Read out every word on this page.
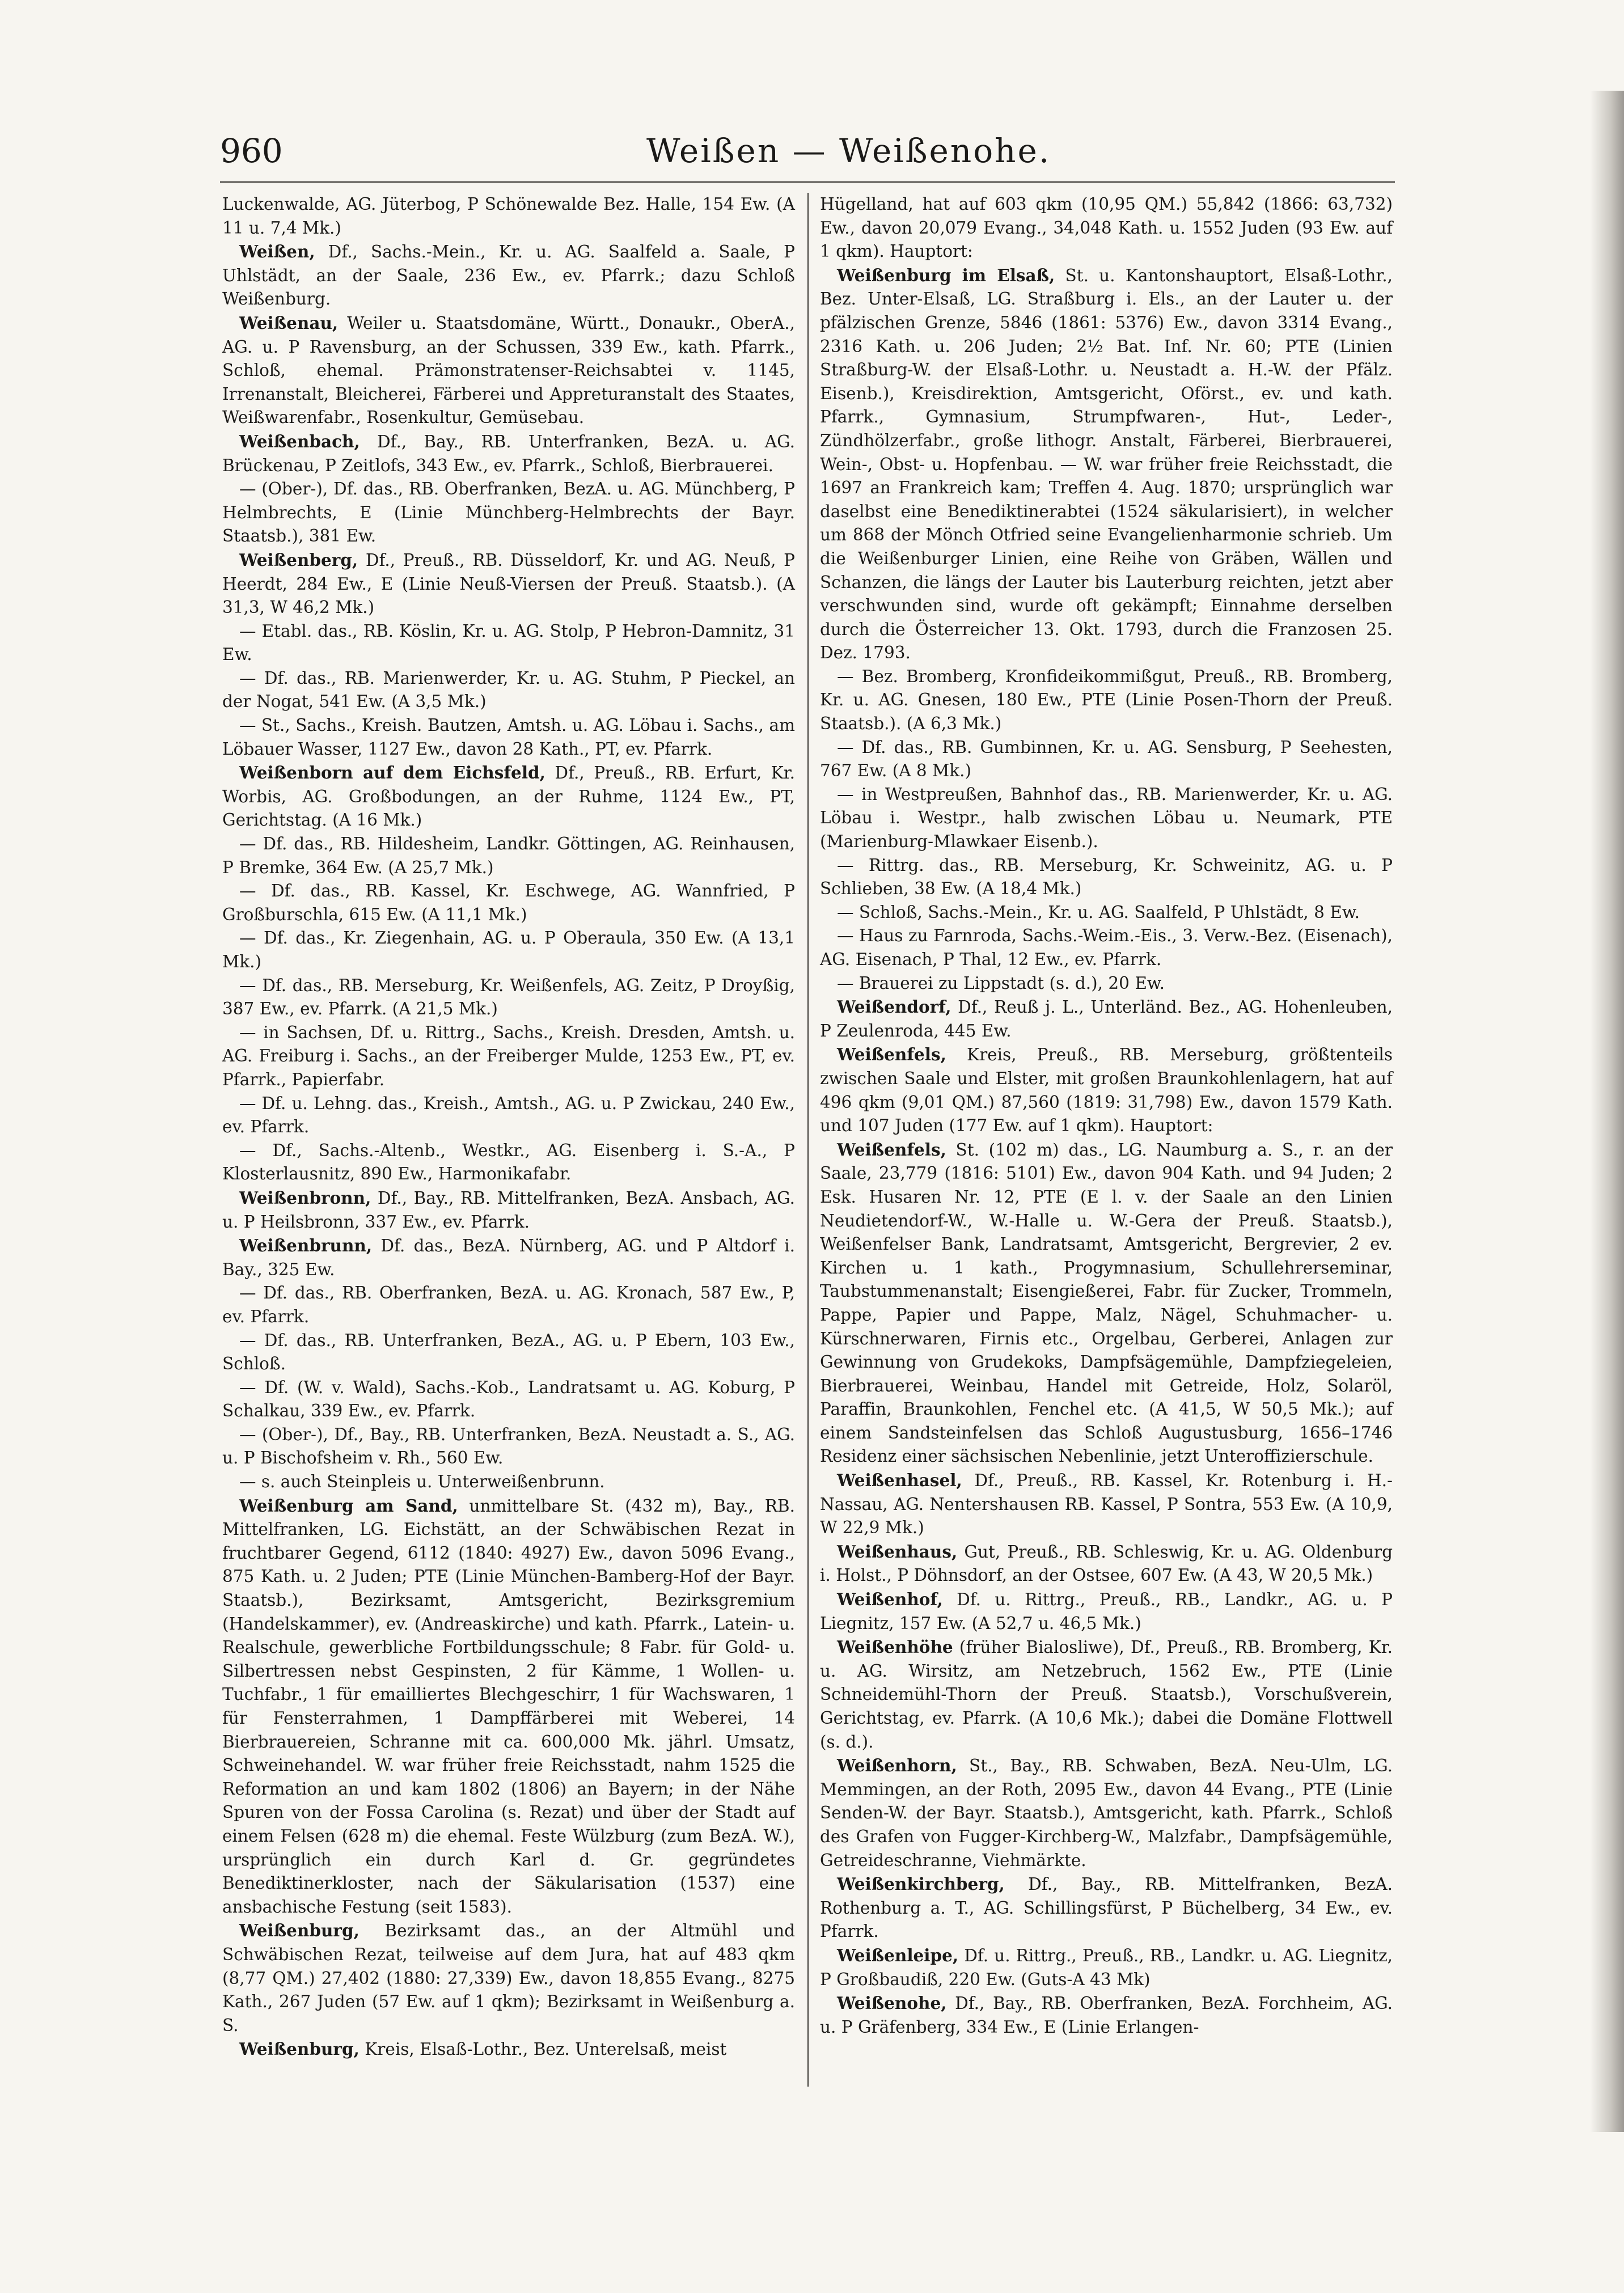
960	Weißen — Weißenohe.

Luckenwalde, AG. Jüterbog, P Schönewalde Bez. Halle, 154 Ew. (A 11 u. 7,4 Mk.)

Weißen, Df., Sachs.-Mein., Kr. u. AG. Saalfeld a. Saale, P Uhlstädt, an der Saale, 236 Ew., ev. Pfarrk.; dazu Schloß Weißenburg.

Weißenau, Weiler u. Staatsdomäne, Württ., Donaukr., OberA., AG. u. P Ravensburg, an der Schussen, 339 Ew., kath. Pfarrk., Schloß, ehemal. Prämonstratenser-Reichsabtei v. 1145, Irrenanstalt, Bleicherei, Färberei und Appreturanstalt des Staates, Weißwarenfabr., Rosenkultur, Gemüsebau.

Weißenbach, Df., Bay., RB. Unterfranken, BezA. u. AG. Brückenau, P Zeitlofs, 343 Ew., ev. Pfarrk., Schloß, Bierbrauerei.

— (Ober-), Df. das., RB. Oberfranken, BezA. u. AG. Münchberg, P Helmbrechts, E (Linie Münchberg-Helmbrechts der Bayr. Staatsb.), 381 Ew.

Weißenberg, Df., Preuß., RB. Düsseldorf, Kr. und AG. Neuß, P Heerdt, 284 Ew., E (Linie Neuß-Viersen der Preuß. Staatsb.). (A 31,3, W 46,2 Mk.)

— Etabl. das., RB. Köslin, Kr. u. AG. Stolp, P Hebron-Damnitz, 31 Ew.

— Df. das., RB. Marienwerder, Kr. u. AG. Stuhm, P Pieckel, an der Nogat, 541 Ew. (A 3,5 Mk.)

— St., Sachs., Kreish. Bautzen, Amtsh. u. AG. Löbau i. Sachs., am Löbauer Wasser, 1127 Ew., davon 28 Kath., PT, ev. Pfarrk.

Weißenborn auf dem Eichsfeld, Df., Preuß., RB. Erfurt, Kr. Worbis, AG. Großbodungen, an der Ruhme, 1124 Ew., PT, Gerichtstag. (A 16 Mk.)

— Df. das., RB. Hildesheim, Landkr. Göttingen, AG. Reinhausen, P Bremke, 364 Ew. (A 25,7 Mk.)

— Df. das., RB. Kassel, Kr. Eschwege, AG. Wannfried, P Großburschla, 615 Ew. (A 11,1 Mk.)

— Df. das., Kr. Ziegenhain, AG. u. P Oberaula, 350 Ew. (A 13,1 Mk.)

— Df. das., RB. Merseburg, Kr. Weißenfels, AG. Zeitz, P Droyßig, 387 Ew., ev. Pfarrk. (A 21,5 Mk.)

— in Sachsen, Df. u. Rittrg., Sachs., Kreish. Dresden, Amtsh. u. AG. Freiburg i. Sachs., an der Freiberger Mulde, 1253 Ew., PT, ev. Pfarrk., Papierfabr.

— Df. u. Lehng. das., Kreish., Amtsh., AG. u. P Zwickau, 240 Ew., ev. Pfarrk.

— Df., Sachs.-Altenb., Westkr., AG. Eisenberg i. S.-A., P Klosterlausnitz, 890 Ew., Harmonikafabr.

Weißenbronn, Df., Bay., RB. Mittelfranken, BezA. Ansbach, AG. u. P Heilsbronn, 337 Ew., ev. Pfarrk.

Weißenbrunn, Df. das., BezA. Nürnberg, AG. und P Altdorf i. Bay., 325 Ew.

— Df. das., RB. Oberfranken, BezA. u. AG. Kronach, 587 Ew., P, ev. Pfarrk.

— Df. das., RB. Unterfranken, BezA., AG. u. P Ebern, 103 Ew., Schloß.

— Df. (W. v. Wald), Sachs.-Kob., Landratsamt u. AG. Koburg, P Schalkau, 339 Ew., ev. Pfarrk.

— (Ober-), Df., Bay., RB. Unterfranken, BezA. Neustadt a. S., AG. u. P Bischofsheim v. Rh., 560 Ew.

— s. auch Steinpleis u. Unterweißenbrunn.

Weißenburg am Sand, unmittelbare St. (432 m), Bay., RB. Mittelfranken, LG. Eichstätt, an der Schwäbischen Rezat in fruchtbarer Gegend, 6112 (1840: 4927) Ew., davon 5096 Evang., 875 Kath. u. 2 Juden; PTE (Linie München-Bamberg-Hof der Bayr. Staatsb.), Bezirksamt, Amtsgericht, Bezirksgremium (Handelskammer), ev. (Andreaskirche) und kath. Pfarrk., Latein- u. Realschule, gewerbliche Fortbildungsschule; 8 Fabr. für Gold- u. Silbertressen nebst Gespinsten, 2 für Kämme, 1 Wollen- u. Tuchfabr., 1 für emailliertes Blechgeschirr, 1 für Wachswaren, 1 für Fensterrahmen, 1 Dampffärberei mit Weberei, 14 Bierbrauereien, Schranne mit ca. 600,000 Mk. jährl. Umsatz, Schweinehandel. W. war früher freie Reichsstadt, nahm 1525 die Reformation an und kam 1802 (1806) an Bayern; in der Nähe Spuren von der Fossa Carolina (s. Rezat) und über der Stadt auf einem Felsen (628 m) die ehemal. Feste Wülzburg (zum BezA. W.), ursprünglich ein durch Karl d. Gr. gegründetes Benediktinerkloster, nach der Säkularisation (1537) eine ansbachische Festung (seit 1583).

Weißenburg, Bezirksamt das., an der Altmühl und Schwäbischen Rezat, teilweise auf dem Jura, hat auf 483 qkm (8,77 QM.) 27,402 (1880: 27,339) Ew., davon 18,855 Evang., 8275 Kath., 267 Juden (57 Ew. auf 1 qkm); Bezirksamt in Weißenburg a. S.

Weißenburg, Kreis, Elsaß-Lothr., Bez. Unterelsaß, meist

Hügelland, hat auf 603 qkm (10,95 QM.) 55,842 (1866: 63,732) Ew., davon 20,079 Evang., 34,048 Kath. u. 1552 Juden (93 Ew. auf 1 qkm). Hauptort:

Weißenburg im Elsaß, St. u. Kantonshauptort, Elsaß-Lothr., Bez. Unter-Elsaß, LG. Straßburg i. Els., an der Lauter u. der pfälzischen Grenze, 5846 (1861: 5376) Ew., davon 3314 Evang., 2316 Kath. u. 206 Juden; 2½ Bat. Inf. Nr. 60; PTE (Linien Straßburg-W. der Elsaß-Lothr. u. Neustadt a. H.-W. der Pfälz. Eisenb.), Kreisdirektion, Amtsgericht, Oförst., ev. und kath. Pfarrk., Gymnasium, Strumpfwaren-, Hut-, Leder-, Zündhölzerfabr., große lithogr. Anstalt, Färberei, Bierbrauerei, Wein-, Obst- u. Hopfenbau. — W. war früher freie Reichsstadt, die 1697 an Frankreich kam; Treffen 4. Aug. 1870; ursprünglich war daselbst eine Benediktinerabtei (1524 säkularisiert), in welcher um 868 der Mönch Otfried seine Evangelienharmonie schrieb. Um die Weißenburger Linien, eine Reihe von Gräben, Wällen und Schanzen, die längs der Lauter bis Lauterburg reichten, jetzt aber verschwunden sind, wurde oft gekämpft; Einnahme derselben durch die Österreicher 13. Okt. 1793, durch die Franzosen 25. Dez. 1793.

— Bez. Bromberg, Kronfideikommißgut, Preuß., RB. Bromberg, Kr. u. AG. Gnesen, 180 Ew., PTE (Linie Posen-Thorn der Preuß. Staatsb.). (A 6,3 Mk.)

— Df. das., RB. Gumbinnen, Kr. u. AG. Sensburg, P Seehesten, 767 Ew. (A 8 Mk.)

— in Westpreußen, Bahnhof das., RB. Marienwerder, Kr. u. AG. Löbau i. Westpr., halb zwischen Löbau u. Neumark, PTE (Marienburg-Mlawkaer Eisenb.).

— Rittrg. das., RB. Merseburg, Kr. Schweinitz, AG. u. P Schlieben, 38 Ew. (A 18,4 Mk.)

— Schloß, Sachs.-Mein., Kr. u. AG. Saalfeld, P Uhlstädt, 8 Ew.

— Haus zu Farnroda, Sachs.-Weim.-Eis., 3. Verw.-Bez. (Eisenach), AG. Eisenach, P Thal, 12 Ew., ev. Pfarrk.

— Brauerei zu Lippstadt (s. d.), 20 Ew.

Weißendorf, Df., Reuß j. L., Unterländ. Bez., AG. Hohenleuben, P Zeulenroda, 445 Ew.

Weißenfels, Kreis, Preuß., RB. Merseburg, größtenteils zwischen Saale und Elster, mit großen Braunkohlenlagern, hat auf 496 qkm (9,01 QM.) 87,560 (1819: 31,798) Ew., davon 1579 Kath. und 107 Juden (177 Ew. auf 1 qkm). Hauptort:

Weißenfels, St. (102 m) das., LG. Naumburg a. S., r. an der Saale, 23,779 (1816: 5101) Ew., davon 904 Kath. und 94 Juden; 2 Esk. Husaren Nr. 12, PTE (E l. v. der Saale an den Linien Neudietendorf-W., W.-Halle u. W.-Gera der Preuß. Staatsb.), Weißenfelser Bank, Landratsamt, Amtsgericht, Bergrevier, 2 ev. Kirchen u. 1 kath., Progymnasium, Schullehrerseminar, Taubstummenanstalt; Eisengießerei, Fabr. für Zucker, Trommeln, Pappe, Papier und Pappe, Malz, Nägel, Schuhmacher- u. Kürschnerwaren, Firnis etc., Orgelbau, Gerberei, Anlagen zur Gewinnung von Grudekoks, Dampfsägemühle, Dampfziegeleien, Bierbrauerei, Weinbau, Handel mit Getreide, Holz, Solaröl, Paraffin, Braunkohlen, Fenchel etc. (A 41,5, W 50,5 Mk.); auf einem Sandsteinfelsen das Schloß Augustusburg, 1656–1746 Residenz einer sächsischen Nebenlinie, jetzt Unteroffizierschule.

Weißenhasel, Df., Preuß., RB. Kassel, Kr. Rotenburg i. H.-Nassau, AG. Nentershausen RB. Kassel, P Sontra, 553 Ew. (A 10,9, W 22,9 Mk.)

Weißenhaus, Gut, Preuß., RB. Schleswig, Kr. u. AG. Oldenburg i. Holst., P Döhnsdorf, an der Ostsee, 607 Ew. (A 43, W 20,5 Mk.)

Weißenhof, Df. u. Rittrg., Preuß., RB., Landkr., AG. u. P Liegnitz, 157 Ew. (A 52,7 u. 46,5 Mk.)

Weißenhöhe (früher Bialosliwe), Df., Preuß., RB. Bromberg, Kr. u. AG. Wirsitz, am Netzebruch, 1562 Ew., PTE (Linie Schneidemühl-Thorn der Preuß. Staatsb.), Vorschußverein, Gerichtstag, ev. Pfarrk. (A 10,6 Mk.); dabei die Domäne Flottwell (s. d.).

Weißenhorn, St., Bay., RB. Schwaben, BezA. Neu-Ulm, LG. Memmingen, an der Roth, 2095 Ew., davon 44 Evang., PTE (Linie Senden-W. der Bayr. Staatsb.), Amtsgericht, kath. Pfarrk., Schloß des Grafen von Fugger-Kirchberg-W., Malzfabr., Dampfsägemühle, Getreideschranne, Viehmärkte.

Weißenkirchberg, Df., Bay., RB. Mittelfranken, BezA. Rothenburg a. T., AG. Schillingsfürst, P Büchelberg, 34 Ew., ev. Pfarrk.

Weißenleipe, Df. u. Rittrg., Preuß., RB., Landkr. u. AG. Liegnitz, P Großbaudiß, 220 Ew. (Guts-A 43 Mk)

Weißenohe, Df., Bay., RB. Oberfranken, BezA. Forchheim, AG. u. P Gräfenberg, 334 Ew., E (Linie Erlangen-
